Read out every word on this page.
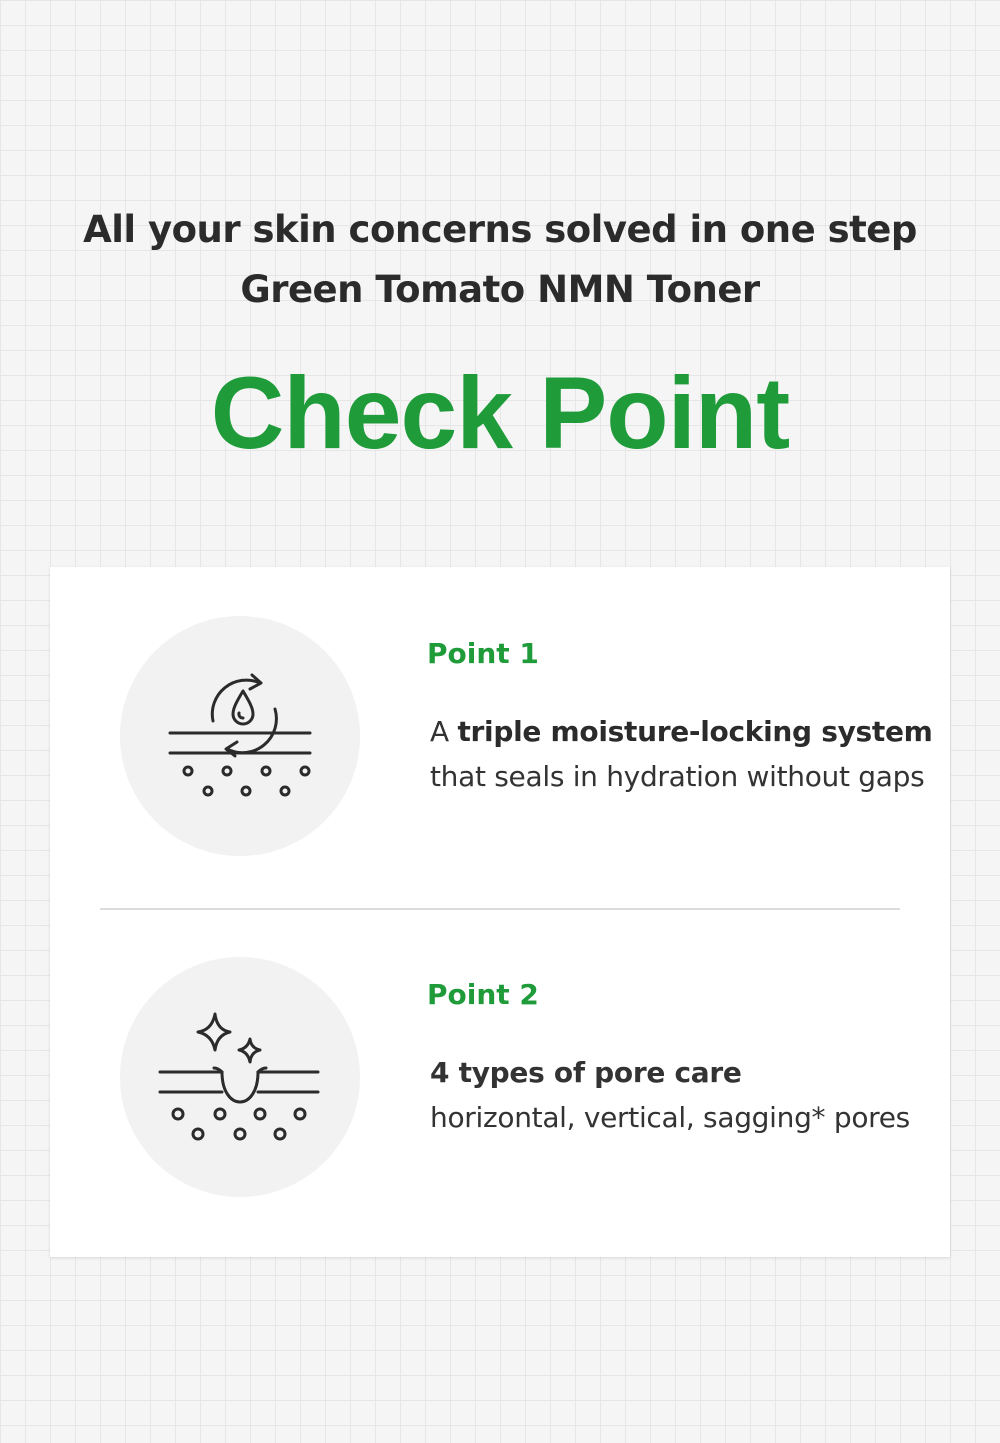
All your skin concerns solved in one step
Green Tomato NMN Toner
Check Point

Point 1

A triple moisture-locking system

that seals in hydration without gaps

Point 2

4 types of pore care

horizontal, vertical, sagging* pores
